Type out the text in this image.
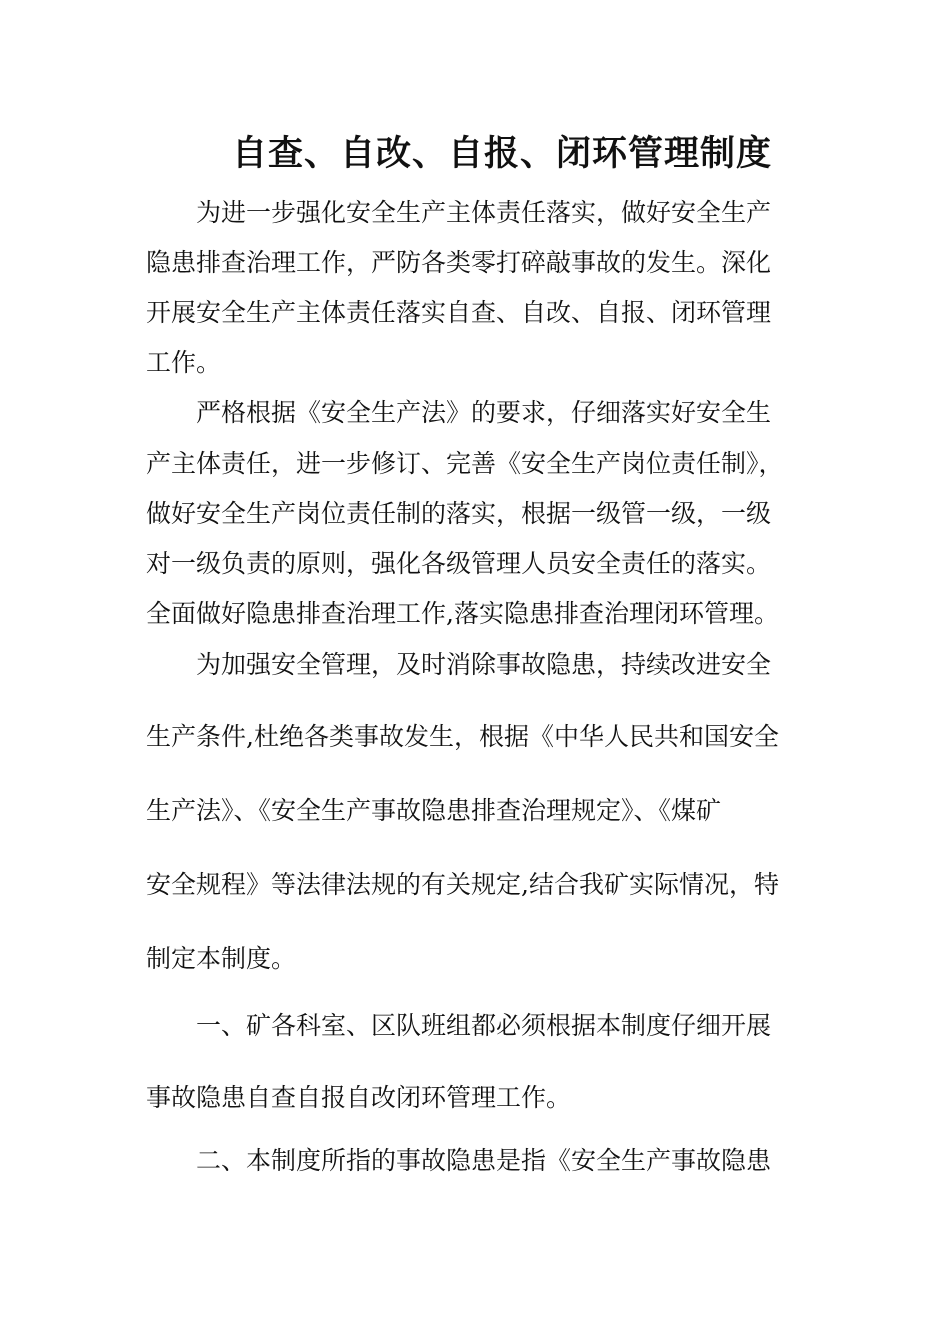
自查、自改、自报、闭环管理制度
为进一步强化安全生产主体责任落实，做好安全生产
隐患排查治理工作，严防各类零打碎敲事故的发生。深化
开展安全生产主体责任落实自查、自改、自报、闭环管理
工作。
严格根据《安全生产法》的要求，仔细落实好安全生
产主体责任，进一步修订、完善《安全生产岗位责任制》，
做好安全生产岗位责任制的落实，根据一级管一级，一级
对一级负责的原则，强化各级管理人员安全责任的落实。
全面做好隐患排查治理工作,落实隐患排查治理闭环管理。
为加强安全管理，及时消除事故隐患，持续改进安全
生产条件,杜绝各类事故发生，根据《中华人民共和国安全
生产法》、《安全生产事故隐患排查治理规定》、《煤矿
安全规程》等法律法规的有关规定,结合我矿实际情况，特
制定本制度。
一、矿各科室、区队班组都必须根据本制度仔细开展
事故隐患自查自报自改闭环管理工作。
二、本制度所指的事故隐患是指《安全生产事故隐患
